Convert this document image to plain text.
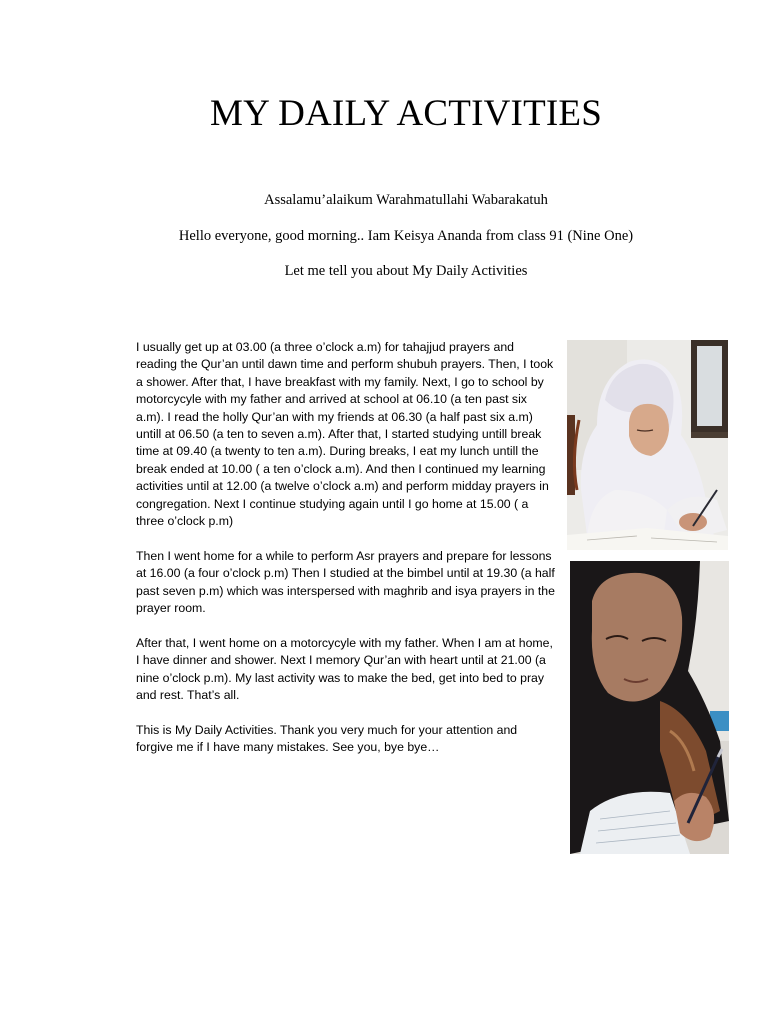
MY DAILY ACTIVITIES

Assalamu’alaikum Warahmatullahi Wabarakatuh

Hello everyone, good morning.. Iam Keisya Ananda from class 91 (Nine One)

Let me tell you about My Daily Activities

I usually get up at 03.00 (a three o’clock a.m) for tahajjud prayers and reading the Qur’an until dawn time and perform shubuh prayers. Then, I took a shower. After that, I have breakfast with my family. Next, I go to school by motorcycyle with my father and arrived at school at 06.10 (a ten past six a.m). I read the holly Qur’an with my friends at 06.30 (a half past six a.m) untill at 06.50 (a ten to seven a.m). After that, I started studying untill break time at 09.40 (a twenty to ten a.m). During breaks, I eat my lunch untill the break ended at 10.00 ( a ten o’clock a.m). And then I continued my learning activities until at 12.00 (a twelve o’clock a.m) and perform midday prayers in congregation. Next I continue studying again until I go home at 15.00 ( a three o’clock p.m)

Then I went home for a while to perform Asr prayers and prepare for lessons at 16.00 (a four o’clock p.m) Then I studied at the bimbel until at 19.30 (a half past seven p.m) which was interspersed with maghrib and isya prayers in the prayer room.

After that, I went home on a motorcycyle with my father. When I am at home, I have dinner and shower. Next I memory Qur’an with heart until at 21.00 (a nine o’clock p.m). My last activity was to make the bed, get into bed to pray and rest. That’s all.

This is My Daily Activities. Thank you very much for your attention and forgive me if I have many mistakes. See you, bye bye…
